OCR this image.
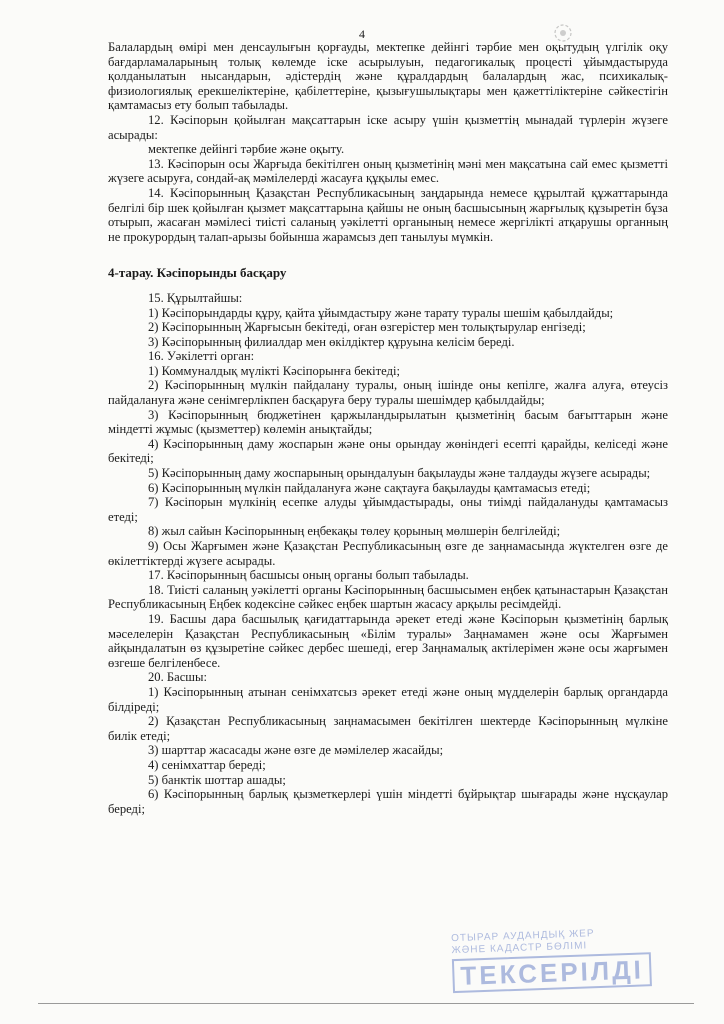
4

Балалардың өмірі мен денсаулығын қорғауды, мектепке дейінгі тәрбие мен оқытудың үлгілік оқу бағдарламаларының толық көлемде іске асырылуын, педагогикалық процесті ұйымдастыруда қолданылатын нысандарын, әдістердің және құралдардың балалардың жас, психикалық-физиологиялық ерекшеліктеріне, қабілеттеріне, қызығушылықтары мен қажеттіліктеріне сәйкестігін қамтамасыз ету болып табылады.

12. Кәсіпорын қойылған мақсаттарын іске асыру үшін қызметтің мынадай түрлерін жүзеге асырады:

мектепке дейінгі тәрбие және оқыту.

13. Кәсіпорын осы Жарғыда бекітілген оның қызметінің мәні мен мақсатына сай емес қызметті жүзеге асыруға, сондай-ақ мәмілелерді жасауға құқылы емес.

14. Кәсіпорынның Қазақстан Республикасының заңдарында немесе құрылтай құжаттарында белгілі бір шек қойылған қызмет мақсаттарына қайшы не оның басшысының жарғылық құзыретін бұза отырып, жасаған мәмілесі тиісті саланың уәкілетті органының немесе жергілікті атқарушы органның не прокурордың талап-арызы бойынша жарамсыз деп танылуы мүмкін.

4-тарау. Кәсіпорынды басқару

15. Құрылтайшы:

1) Кәсіпорындарды құру, қайта ұйымдастыру және тарату туралы шешім қабылдайды;

2) Кәсіпорынның Жарғысын бекітеді, оған өзгерістер мен толықтырулар енгізеді;

3) Кәсіпорынның филиалдар мен өкілдіктер құруына келісім береді.

16. Уәкілетті орган:

1) Коммуналдық мүлікті Кәсіпорынға бекітеді;

2) Кәсіпорынның мүлкін пайдалану туралы, оның ішінде оны кепілге, жалға алуға, өтеусіз пайдалануға және сенімгерлікпен басқаруға беру туралы шешімдер қабылдайды;

3) Кәсіпорынның бюджетінен қаржыландырылатын қызметінің басым бағыттарын және міндетті жұмыс (қызметтер) көлемін анықтайды;

4) Кәсіпорынның даму жоспарын және оны орындау жөніндегі есепті қарайды, келіседі және бекітеді;

5) Кәсіпорынның даму жоспарының орындалуын бақылауды және талдауды жүзеге асырады;

6) Кәсіпорынның мүлкін пайдалануға және сақтауға бақылауды қамтамасыз етеді;

7) Кәсіпорын мүлкінің есепке алуды ұйымдастырады, оны тиімді пайдалануды қамтамасыз етеді;

8) жыл сайын Кәсіпорынның еңбекақы төлеу қорының мөлшерін белгілейді;

9) Осы Жарғымен және Қазақстан Республикасының өзге де заңнамасында жүктелген өзге де өкілеттіктерді жүзеге асырады.

17. Кәсіпорынның басшысы оның органы болып табылады.

18. Тиісті саланың уәкілетті органы Кәсіпорынның басшысымен еңбек қатынастарын Қазақстан Республикасының Еңбек кодексіне сәйкес еңбек шартын жасасу арқылы ресімдейді.

19. Басшы дара басшылық қағидаттарында әрекет етеді және Кәсіпорын қызметінің барлық мәселелерін Қазақстан Республикасының «Білім туралы» Заңнамамен және осы Жарғымен айқындалатын өз құзыретіне сәйкес дербес шешеді, егер Заңнамалық актілерімен және осы жарғымен өзгеше белгіленбесе.

20. Басшы:

1) Кәсіпорынның атынан сенімхатсыз әрекет етеді және оның мүдделерін барлық органдарда білдіреді;

2) Қазақстан Республикасының заңнамасымен бекітілген шектерде Кәсіпорынның мүлкіне билік етеді;

3) шарттар жасасады және өзге де мәмілелер жасайды;

4) сенімхаттар береді;

5) банктік шоттар ашады;

6) Кәсіпорынның барлық қызметкерлері үшін міндетті бұйрықтар шығарады және нұсқаулар береді;

ОТЫРАР АУДАНДЫҚ ЖЕР
ЖӘНЕ КАДАСТР БӨЛІМІ
ТЕКСЕРІЛДІ
